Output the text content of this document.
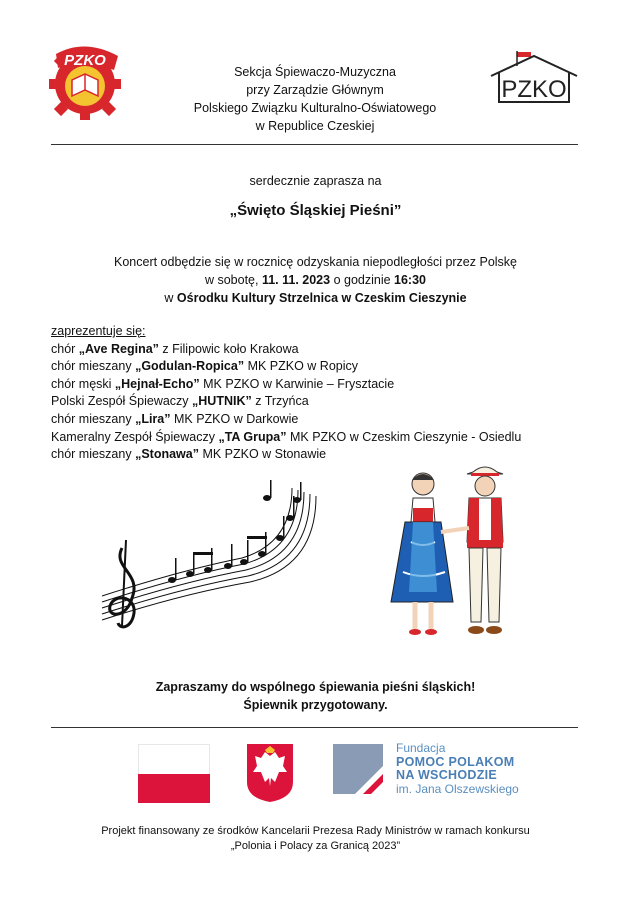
PZKO
Sekcja Śpiewaczo-Muzyczna
przy Zarządzie Głównym
Polskiego Związku Kulturalno-Oświatowego
w Republice Czeskiej
PZKO
serdecznie zaprasza na
„Święto Śląskiej Pieśni”
Koncert odbędzie się w rocznicę odzyskania niepodległości przez Polskę
w sobotę, 11. 11. 2023 o godzinie 16:30
w Ośrodku Kultury Strzelnica w Czeskim Cieszynie
zaprezentuje się:
chór „Ave Regina” z Filipowic koło Krakowa
chór mieszany „Godulan-Ropica” MK PZKO w Ropicy
chór męski „Hejnał-Echo” MK PZKO w Karwinie – Frysztacie
Polski Zespół Śpiewaczy „HUTNIK” z Trzyńca
chór mieszany „Lira” MK PZKO w Darkowie
Kameralny Zespół Śpiewaczy „TA Grupa” MK PZKO w Czeskim Cieszynie - Osiedlu
chór mieszany „Stonawa” MK PZKO w Stonawie
Zapraszamy do wspólnego śpiewania pieśni śląskich!
Śpiewnik przygotowany.
Fundacja
POMOC POLAKOM
NA WSCHODZIE
im. Jana Olszewskiego
Projekt finansowany ze środków Kancelarii Prezesa Rady Ministrów w ramach konkursu
„Polonia i Polacy za Granicą 2023”
